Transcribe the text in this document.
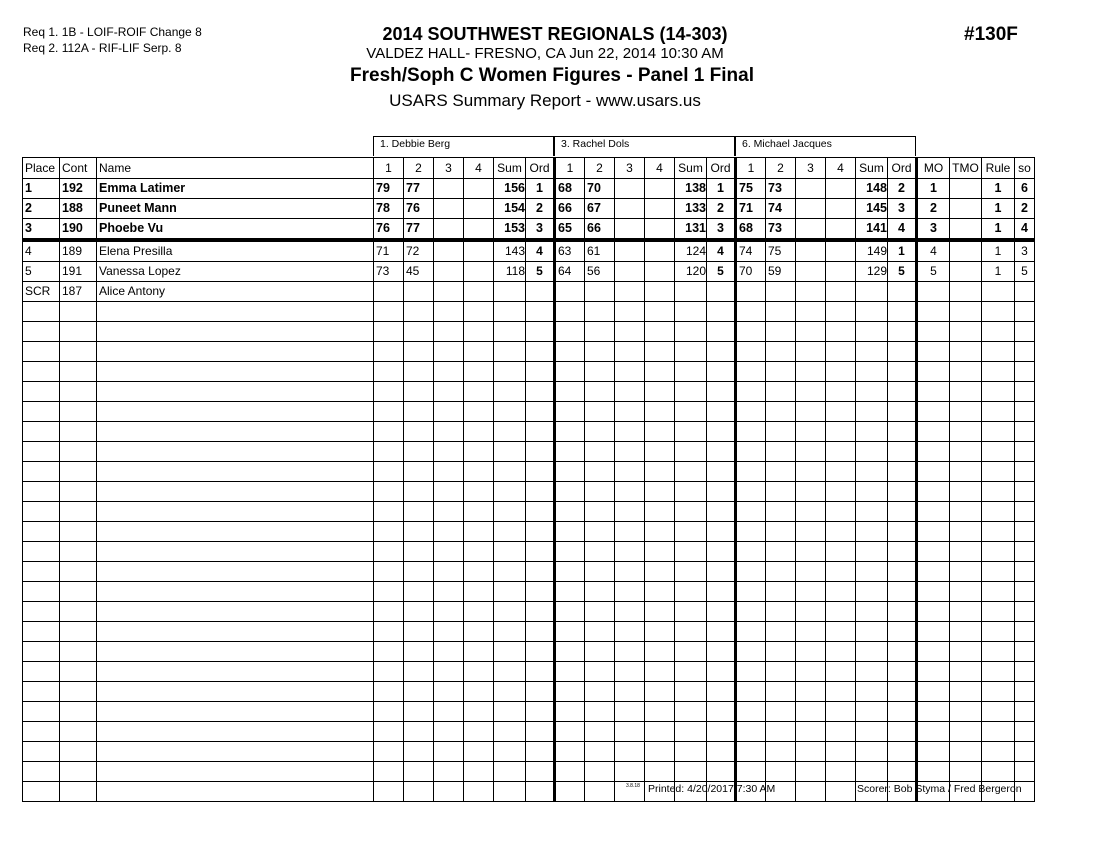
Req 1. 1B - LOIF-ROIF Change 8
Req 2. 112A - RIF-LIF Serp. 8
2014 SOUTHWEST REGIONALS (14-303)
VALDEZ HALL- FRESNO, CA Jun 22, 2014 10:30 AM
Fresh/Soph C Women Figures - Panel 1 Final
USARS Summary Report - www.usars.us
#130F
1. Debbie Berg	3. Rachel Dols	6. Michael Jacques
Place	Cont	Name	1	2	3	4	Sum	Ord	1	2	3	4	Sum	Ord	1	2	3	4	Sum	Ord	MO	TMO	Rule	so
1	192	Emma Latimer	79	77			156	1	68	70			138	1	75	73			148	2	1		1	6
2	188	Puneet Mann	78	76			154	2	66	67			133	2	71	74			145	3	2		1	2
3	190	Phoebe Vu	76	77			153	3	65	66			131	3	68	73			141	4	3		1	4
4	189	Elena Presilla	71	72			143	4	63	61			124	4	74	75			149	1	4		1	3
5	191	Vanessa Lopez	73	45			118	5	64	56			120	5	70	59			129	5	5		1	5
SCR	187	Alice Antony																						

3.8.18 Printed: 4/20/2017 7:30 AM	Scorer: Bob Styma / Fred Bergeron
